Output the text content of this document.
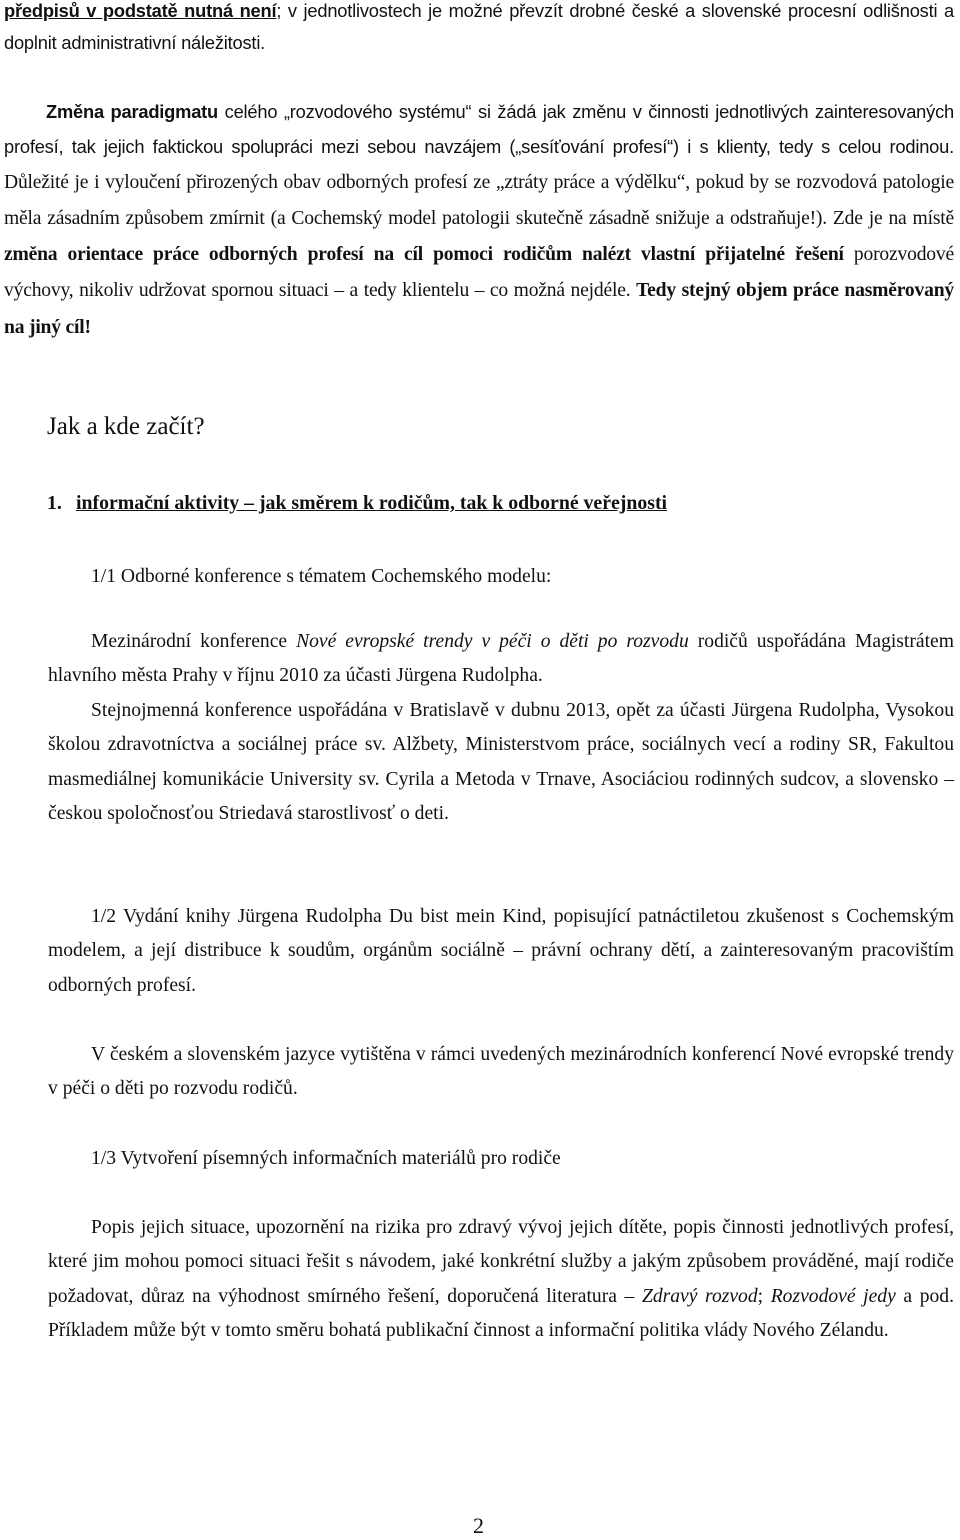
předpisů v podstatě nutná není; v jednotlivostech je možné převzít drobné české a slovenské procesní odlišnosti a doplnit administrativní náležitosti.

Změna paradigmatu celého „rozvodového systému“ si žádá jak změnu v činnosti jednotlivých zainteresovaných profesí, tak jejich faktickou spolupráci mezi sebou navzájem („sesíťování profesí“) i s klienty, tedy s celou rodinou. Důležité je i vyloučení přirozených obav odborných profesí ze „ztráty práce a výdělku“, pokud by se rozvodová patologie měla zásadním způsobem zmírnit (a Cochemský model patologii skutečně zásadně snižuje a odstraňuje!). Zde je na místě změna orientace práce odborných profesí na cíl pomoci rodičům nalézt vlastní přijatelné řešení porozvodové výchovy, nikoliv udržovat spornou situaci – a tedy klientelu – co možná nejdéle. Tedy stejný objem práce nasměrovaný na jiný cíl!

Jak a kde začít?
1. informační aktivity – jak směrem k rodičům, tak k odborné veřejnosti

1/1 Odborné konference s tématem Cochemského modelu:

Mezinárodní konference Nové evropské trendy v péči o děti po rozvodu rodičů uspořádána Magistrátem hlavního města Prahy v říjnu 2010 za účasti Jürgena Rudolpha.

Stejnojmenná konference uspořádána v Bratislavě v dubnu 2013, opět za účasti Jürgena Rudolpha, Vysokou školou zdravotníctva a sociálnej práce sv. Alžbety, Ministerstvom práce, sociálnych vecí a rodiny SR, Fakultou masmediálnej komunikácie University sv. Cyrila a Metoda v Trnave, Asociáciou rodinných sudcov, a slovensko – českou spoločnosťou Striedavá starostlivosť o deti.

1/2 Vydání knihy Jürgena Rudolpha Du bist mein Kind, popisující patnáctiletou zkušenost s Cochemským modelem, a její distribuce k soudům, orgánům sociálně – právní ochrany dětí, a zainteresovaným pracovištím odborných profesí.

V českém a slovenském jazyce vytištěna v rámci uvedených mezinárodních konferencí Nové evropské trendy v péči o děti po rozvodu rodičů.

1/3 Vytvoření písemných informačních materiálů pro rodiče

Popis jejich situace, upozornění na rizika pro zdravý vývoj jejich dítěte, popis činnosti jednotlivých profesí, které jim mohou pomoci situaci řešit s návodem, jaké konkrétní služby a jakým způsobem prováděné, mají rodiče požadovat, důraz na výhodnost smírného řešení, doporučená literatura – Zdravý rozvod; Rozvodové jedy a pod. Příkladem může být v tomto směru bohatá publikační činnost a informační politika vlády Nového Zélandu.

2
